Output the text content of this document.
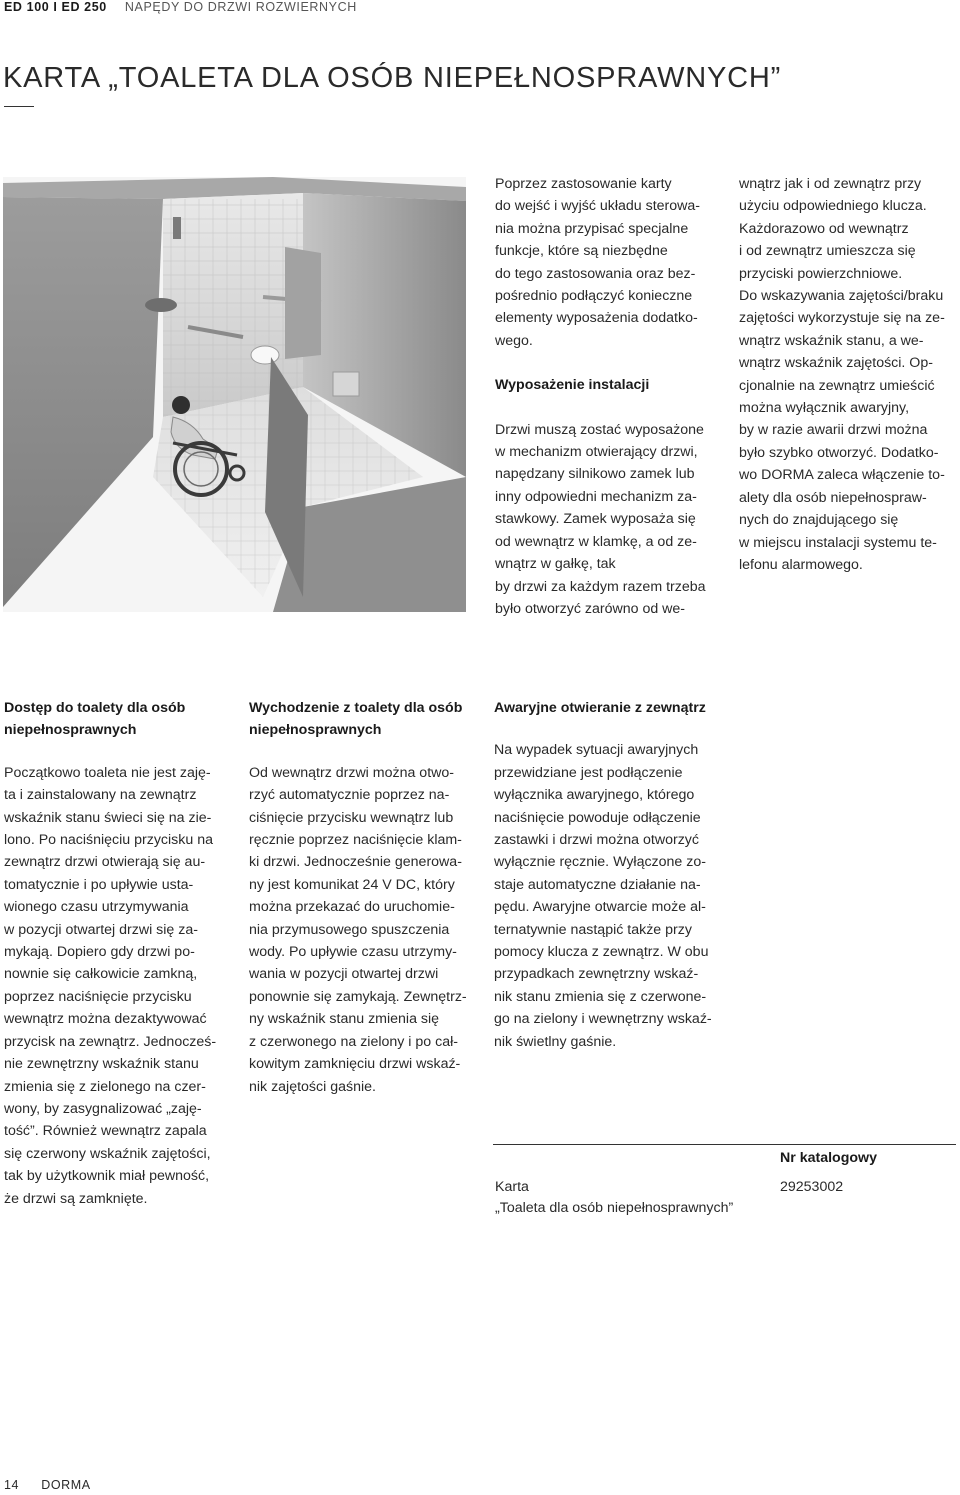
ED 100 I ED 250 NAPĘDY DO DRZWI ROZWIERNYCH
KARTA „TOALETA DLA OSÓB NIEPEŁNOSPRAWNYCH”

Poprzez zastosowanie karty
do wejść i wyjść układu sterowa-
nia można przypisać specjalne
funkcje, które są niezbędne
do tego zastosowania oraz bez-
pośrednio podłączyć konieczne
elementy wyposażenia dodatko-
wego.

Wyposażenie instalacji

Drzwi muszą zostać wyposażone
w mechanizm otwierający drzwi,
napędzany silnikowo zamek lub
inny odpowiedni mechanizm za-
stawkowy. Zamek wyposaża się
od wewnątrz w klamkę, a od ze-
wnątrz w gałkę, tak
by drzwi za każdym razem trzeba
było otworzyć zarówno od we-

wnątrz jak i od zewnątrz przy
użyciu odpowiedniego klucza.
Każdorazowo od wewnątrz
i od zewnątrz umieszcza się
przyciski powierzchniowe.
Do wskazywania zajętości/braku
zajętości wykorzystuje się na ze-
wnątrz wskaźnik stanu, a we-
wnątrz wskaźnik zajętości. Op-
cjonalnie na zewnątrz umieścić
można wyłącznik awaryjny,
by w razie awarii drzwi można
było szybko otworzyć. Dodatko-
wo DORMA zaleca włączenie to-
alety dla osób niepełnospraw-
nych do znajdującego się
w miejscu instalacji systemu te-
lefonu alarmowego.

Dostęp do toalety dla osób
niepełnosprawnych

Początkowo toaleta nie jest zaję-
ta i zainstalowany na zewnątrz
wskaźnik stanu świeci się na zie-
lono. Po naciśnięciu przycisku na
zewnątrz drzwi otwierają się au-
tomatycznie i po upływie usta-
wionego czasu utrzymywania
w pozycji otwartej drzwi się za-
mykają. Dopiero gdy drzwi po-
nownie się całkowicie zamkną,
poprzez naciśnięcie przycisku
wewnątrz można dezaktywować
przycisk na zewnątrz. Jednocześ-
nie zewnętrzny wskaźnik stanu
zmienia się z zielonego na czer-
wony, by zasygnalizować „zaję-
tość”. Również wewnątrz zapala
się czerwony wskaźnik zajętości,
tak by użytkownik miał pewność,
że drzwi są zamknięte.

Wychodzenie z toalety dla osób
niepełnosprawnych

Od wewnątrz drzwi można otwo-
rzyć automatycznie poprzez na-
ciśnięcie przycisku wewnątrz lub
ręcznie poprzez naciśnięcie klam-
ki drzwi. Jednocześnie generowa-
ny jest komunikat 24 V DC, który
można przekazać do uruchomie-
nia przymusowego spuszczenia
wody. Po upływie czasu utrzymy-
wania w pozycji otwartej drzwi
ponownie się zamykają. Zewnętrz-
ny wskaźnik stanu zmienia się
z czerwonego na zielony i po cał-
kowitym zamknięciu drzwi wskaź-
nik zajętości gaśnie.

Awaryjne otwieranie z zewnątrz

Na wypadek sytuacji awaryjnych
przewidziane jest podłączenie
wyłącznika awaryjnego, którego
naciśnięcie powoduje odłączenie
zastawki i drzwi można otworzyć
wyłącznie ręcznie. Wyłączone zo-
staje automatyczne działanie na-
pędu. Awaryjne otwarcie może al-
ternatywnie nastąpić także przy
pomocy klucza z zewnątrz. W obu
przypadkach zewnętrzny wskaź-
nik stanu zmienia się z czerwone-
go na zielony i wewnętrzny wskaź-
nik świetlny gaśnie.

Nr katalogowy
Karta
„Toaleta dla osób niepełnosprawnych”
29253002
14 DORMA
